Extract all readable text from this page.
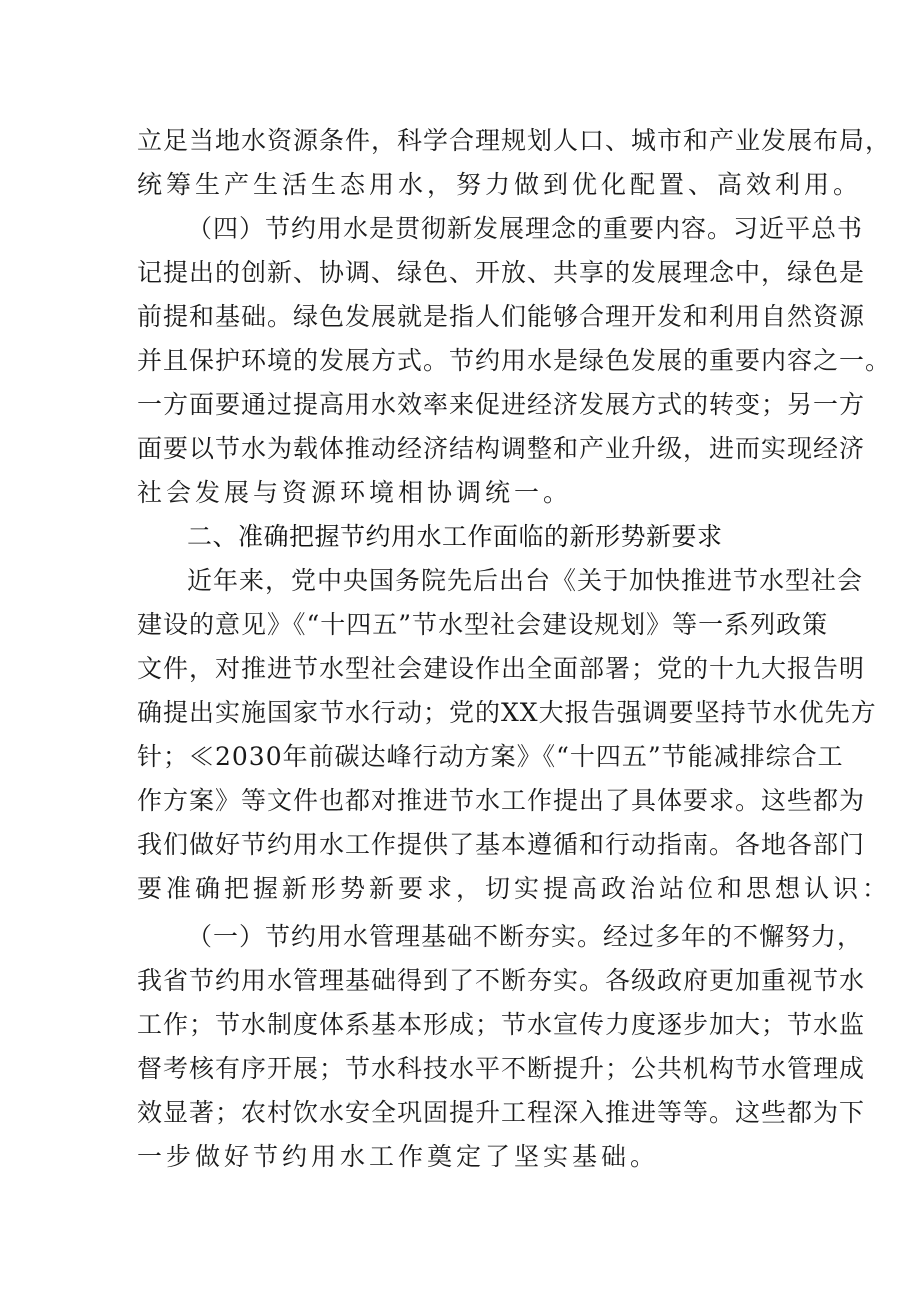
立足当地水资源条件，科学合理规划人口、城市和产业发展布局，
统筹生产生活生态用水，努力做到优化配置、高效利用。
（四）节约用水是贯彻新发展理念的重要内容。习近平总书
记提出的创新、协调、绿色、开放、共享的发展理念中，绿色是
前提和基础。绿色发展就是指人们能够合理开发和利用自然资源
并且保护环境的发展方式。节约用水是绿色发展的重要内容之一。
一方面要通过提高用水效率来促进经济发展方式的转变；另一方
面要以节水为载体推动经济结构调整和产业升级，进而实现经济
社会发展与资源环境相协调统一。
二、准确把握节约用水工作面临的新形势新要求
近年来，党中央国务院先后出台《关于加快推进节水型社会
建设的意见》《“十四五”节水型社会建设规划》等一系列政策
文件，对推进节水型社会建设作出全面部署；党的十九大报告明
确提出实施国家节水行动；党的XX大报告强调要坚持节水优先方
针；≪2030年前碳达峰行动方案》《“十四五”节能减排综合工
作方案》等文件也都对推进节水工作提出了具体要求。这些都为
我们做好节约用水工作提供了基本遵循和行动指南。各地各部门
要准确把握新形势新要求，切实提高政治站位和思想认识：
（一）节约用水管理基础不断夯实。经过多年的不懈努力，
我省节约用水管理基础得到了不断夯实。各级政府更加重视节水
工作；节水制度体系基本形成；节水宣传力度逐步加大；节水监
督考核有序开展；节水科技水平不断提升；公共机构节水管理成
效显著；农村饮水安全巩固提升工程深入推进等等。这些都为下
一步做好节约用水工作奠定了坚实基础。
